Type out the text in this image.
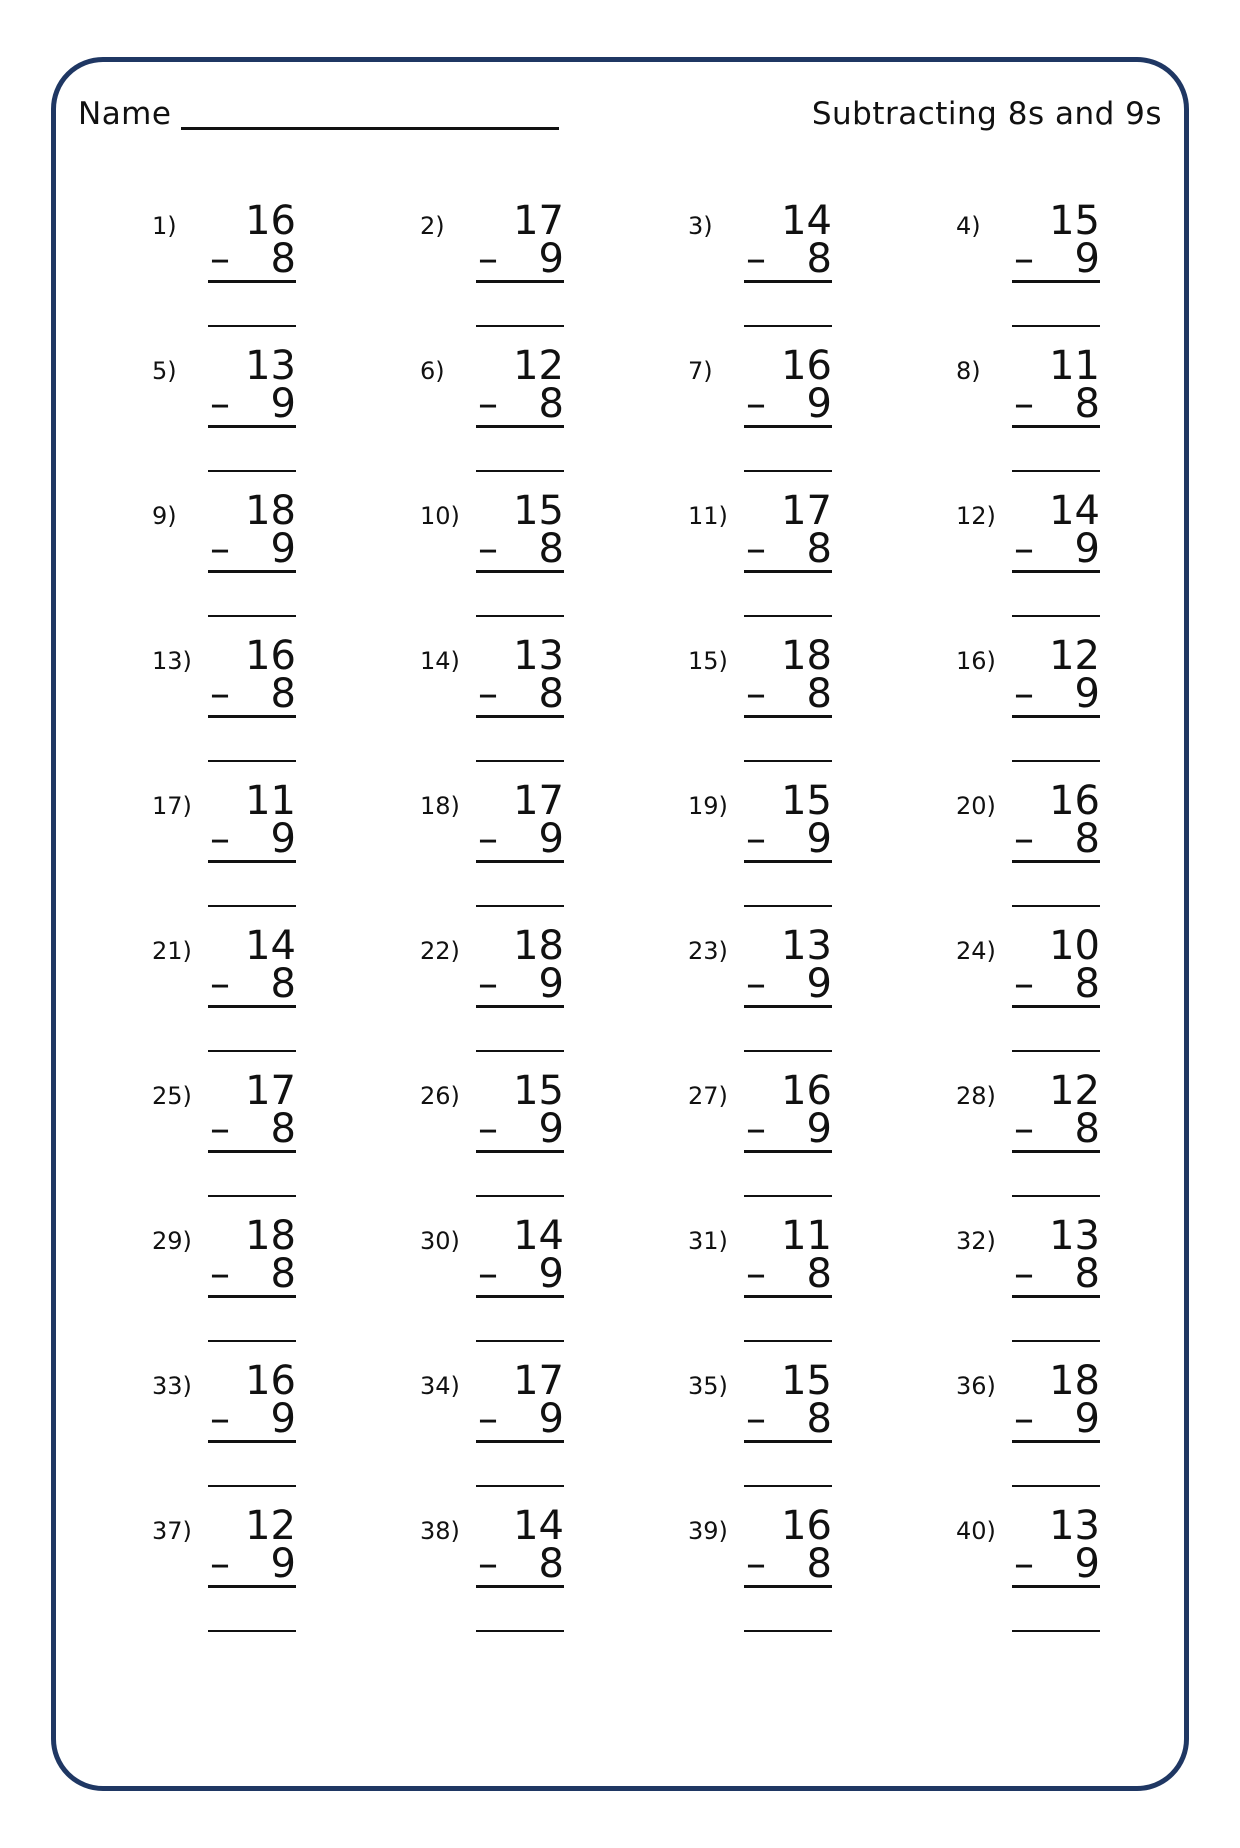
Name	Subtracting 8s and 9s
1)	16
– 8
2)	17
– 9
3)	14
– 8
4)	15
– 9
5)	13
– 9
6)	12
– 8
7)	16
– 9
8)	11
– 8
9)	18
– 9
10)	15
– 8
11)	17
– 8
12)	14
– 9
13)	16
– 8
14)	13
– 8
15)	18
– 8
16)	12
– 9
17)	11
– 9
18)	17
– 9
19)	15
– 9
20)	16
– 8
21)	14
– 8
22)	18
– 9
23)	13
– 9
24)	10
– 8
25)	17
– 8
26)	15
– 9
27)	16
– 9
28)	12
– 8
29)	18
– 8
30)	14
– 9
31)	11
– 8
32)	13
– 8
33)	16
– 9
34)	17
– 9
35)	15
– 8
36)	18
– 9
37)	12
– 9
38)	14
– 8
39)	16
– 8
40)	13
– 9
